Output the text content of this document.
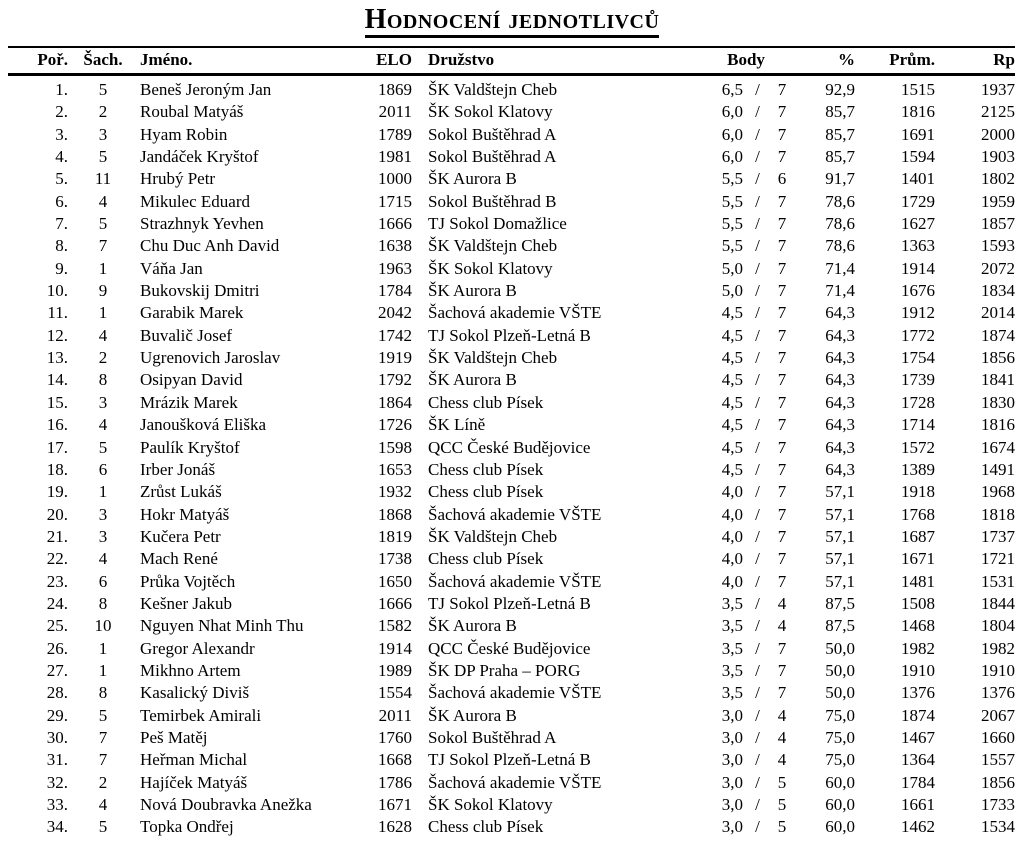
Hodnocení jednotlivců
Poř.	Šach.	Jméno.	ELO	Družstvo	Body			%	Prům.	Rp
1.	5	Beneš Jeroným Jan	1869	ŠK Valdštejn Cheb	6,5	/	7	92,9	1515	1937
2.	2	Roubal Matyáš	2011	ŠK Sokol Klatovy	6,0	/	7	85,7	1816	2125
3.	3	Hyam Robin	1789	Sokol Buštěhrad A	6,0	/	7	85,7	1691	2000
4.	5	Jandáček Kryštof	1981	Sokol Buštěhrad A	6,0	/	7	85,7	1594	1903
5.	11	Hrubý Petr	1000	ŠK Aurora B	5,5	/	6	91,7	1401	1802
6.	4	Mikulec Eduard	1715	Sokol Buštěhrad B	5,5	/	7	78,6	1729	1959
7.	5	Strazhnyk Yevhen	1666	TJ Sokol Domažlice	5,5	/	7	78,6	1627	1857
8.	7	Chu Duc Anh David	1638	ŠK Valdštejn Cheb	5,5	/	7	78,6	1363	1593
9.	1	Váňa Jan	1963	ŠK Sokol Klatovy	5,0	/	7	71,4	1914	2072
10.	9	Bukovskij Dmitri	1784	ŠK Aurora B	5,0	/	7	71,4	1676	1834
11.	1	Garabik Marek	2042	Šachová akademie VŠTE	4,5	/	7	64,3	1912	2014
12.	4	Buvalič Josef	1742	TJ Sokol Plzeň-Letná B	4,5	/	7	64,3	1772	1874
13.	2	Ugrenovich Jaroslav	1919	ŠK Valdštejn Cheb	4,5	/	7	64,3	1754	1856
14.	8	Osipyan David	1792	ŠK Aurora B	4,5	/	7	64,3	1739	1841
15.	3	Mrázik Marek	1864	Chess club Písek	4,5	/	7	64,3	1728	1830
16.	4	Janoušková Eliška	1726	ŠK Líně	4,5	/	7	64,3	1714	1816
17.	5	Paulík Kryštof	1598	QCC České Budějovice	4,5	/	7	64,3	1572	1674
18.	6	Irber Jonáš	1653	Chess club Písek	4,5	/	7	64,3	1389	1491
19.	1	Zrůst Lukáš	1932	Chess club Písek	4,0	/	7	57,1	1918	1968
20.	3	Hokr Matyáš	1868	Šachová akademie VŠTE	4,0	/	7	57,1	1768	1818
21.	3	Kučera Petr	1819	ŠK Valdštejn Cheb	4,0	/	7	57,1	1687	1737
22.	4	Mach René	1738	Chess club Písek	4,0	/	7	57,1	1671	1721
23.	6	Průka Vojtěch	1650	Šachová akademie VŠTE	4,0	/	7	57,1	1481	1531
24.	8	Kešner Jakub	1666	TJ Sokol Plzeň-Letná B	3,5	/	4	87,5	1508	1844
25.	10	Nguyen Nhat Minh Thu	1582	ŠK Aurora B	3,5	/	4	87,5	1468	1804
26.	1	Gregor Alexandr	1914	QCC České Budějovice	3,5	/	7	50,0	1982	1982
27.	1	Mikhno Artem	1989	ŠK DP Praha – PORG	3,5	/	7	50,0	1910	1910
28.	8	Kasalický Diviš	1554	Šachová akademie VŠTE	3,5	/	7	50,0	1376	1376
29.	5	Temirbek Amirali	2011	ŠK Aurora B	3,0	/	4	75,0	1874	2067
30.	7	Peš Matěj	1760	Sokol Buštěhrad A	3,0	/	4	75,0	1467	1660
31.	7	Heřman Michal	1668	TJ Sokol Plzeň-Letná B	3,0	/	4	75,0	1364	1557
32.	2	Hajíček Matyáš	1786	Šachová akademie VŠTE	3,0	/	5	60,0	1784	1856
33.	4	Nová Doubravka Anežka	1671	ŠK Sokol Klatovy	3,0	/	5	60,0	1661	1733
34.	5	Topka Ondřej	1628	Chess club Písek	3,0	/	5	60,0	1462	1534
